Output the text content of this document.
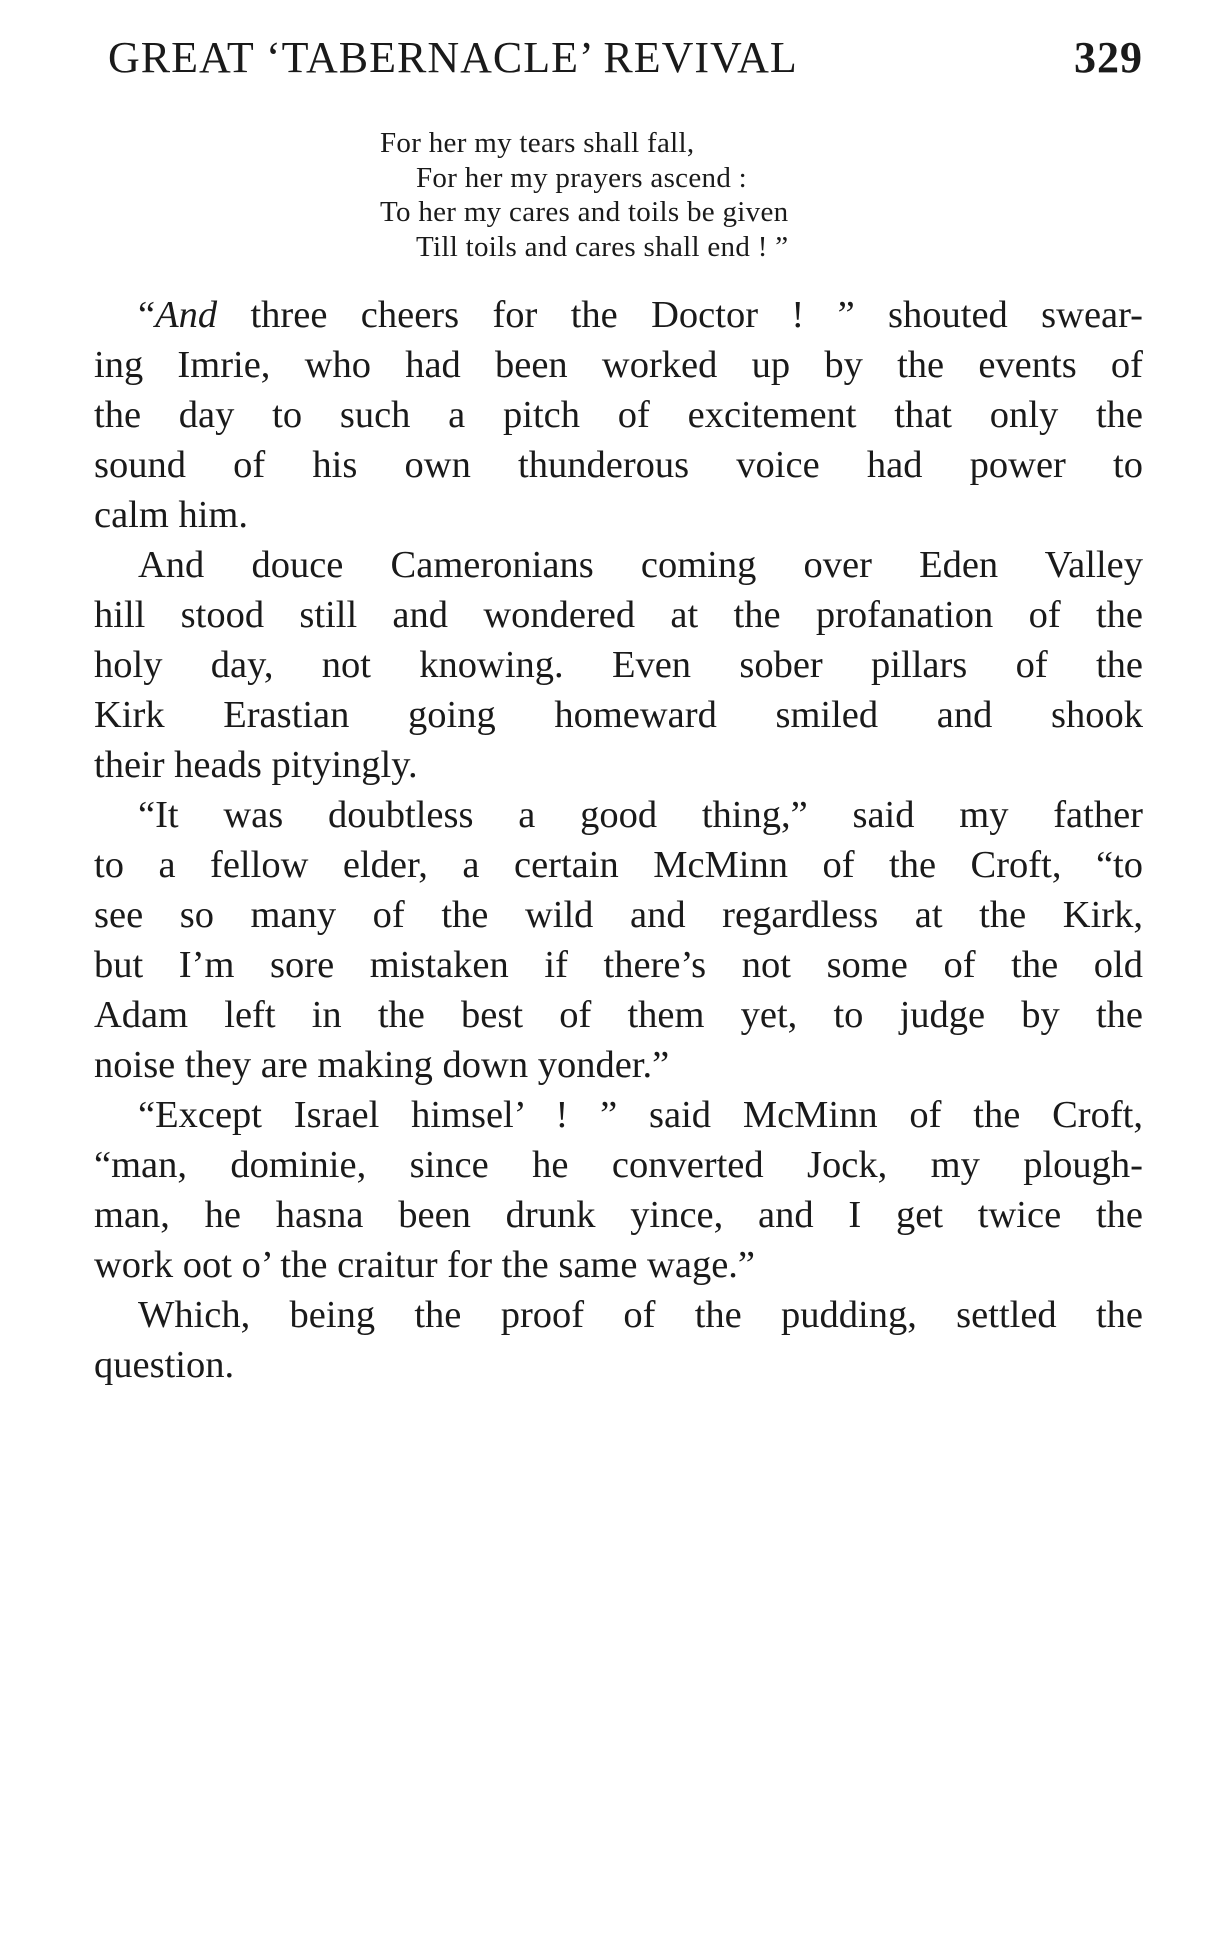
GREAT ‘TABERNACLE’ REVIVAL	329
For her my tears shall fall,
For her my prayers ascend :
To her my cares and toils be given
Till toils and cares shall end ! ”
“And three cheers for the Doctor ! ” shouted swear-
ing Imrie, who had been worked up by the events of
the day to such a pitch of excitement that only the
sound of his own thunderous voice had power to
calm him.
And douce Cameronians coming over Eden Valley
hill stood still and wondered at the profanation of the
holy day, not knowing. Even sober pillars of the
Kirk Erastian going homeward smiled and shook
their heads pityingly.
“It was doubtless a good thing,” said my father
to a fellow elder, a certain McMinn of the Croft, “to
see so many of the wild and regardless at the Kirk,
but I’m sore mistaken if there’s not some of the old
Adam left in the best of them yet, to judge by the
noise they are making down yonder.”
“Except Israel himsel’ ! ” said McMinn of the Croft,
“man, dominie, since he converted Jock, my plough-
man, he hasna been drunk yince, and I get twice the
work oot o’ the craitur for the same wage.”
Which, being the proof of the pudding, settled the
question.
